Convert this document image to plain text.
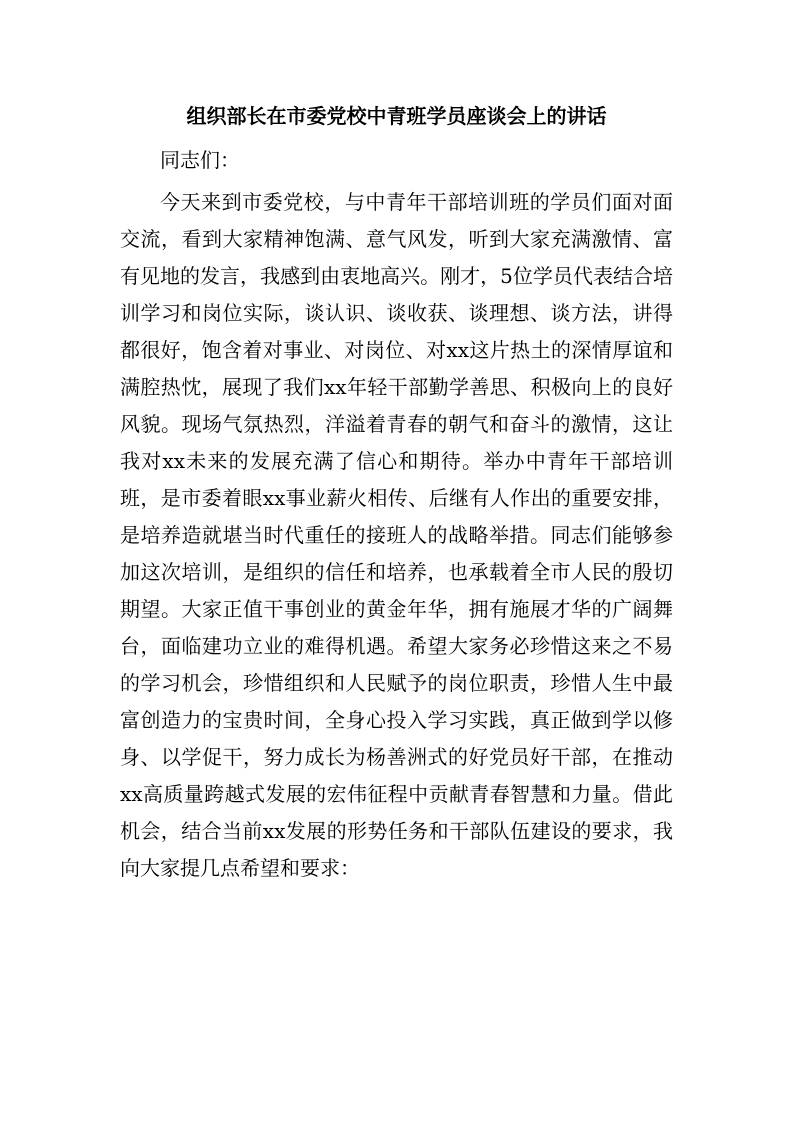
组织部长在市委党校中青班学员座谈会上的讲话

同志们：

今天来到市委党校，与中青年干部培训班的学员们面对面交流，看到大家精神饱满、意气风发，听到大家充满激情、富有见地的发言，我感到由衷地高兴。刚才，5位学员代表结合培训学习和岗位实际，谈认识、谈收获、谈理想、谈方法，讲得都很好，饱含着对事业、对岗位、对xx这片热土的深情厚谊和满腔热忱，展现了我们xx年轻干部勤学善思、积极向上的良好风貌。现场气氛热烈，洋溢着青春的朝气和奋斗的激情，这让我对xx未来的发展充满了信心和期待。举办中青年干部培训班，是市委着眼xx事业薪火相传、后继有人作出的重要安排，是培养造就堪当时代重任的接班人的战略举措。同志们能够参加这次培训，是组织的信任和培养，也承载着全市人民的殷切期望。大家正值干事创业的黄金年华，拥有施展才华的广阔舞台，面临建功立业的难得机遇。希望大家务必珍惜这来之不易的学习机会，珍惜组织和人民赋予的岗位职责，珍惜人生中最富创造力的宝贵时间，全身心投入学习实践，真正做到学以修身、以学促干，努力成长为杨善洲式的好党员好干部，在推动xx高质量跨越式发展的宏伟征程中贡献青春智慧和力量。借此机会，结合当前xx发展的形势任务和干部队伍建设的要求，我向大家提几点希望和要求：
